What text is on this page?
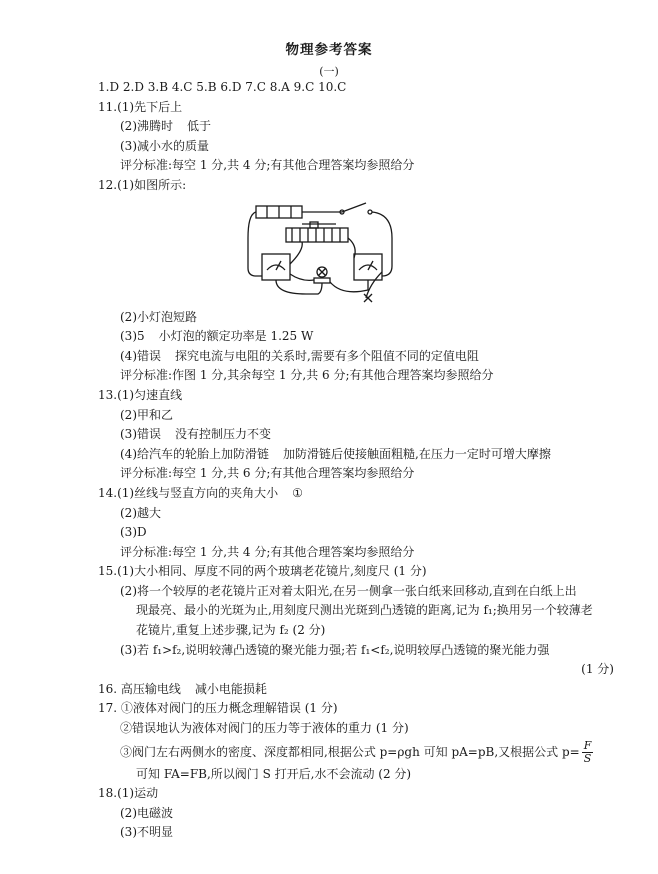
物理参考答案
(一)
1.D 2.D 3.B 4.C 5.B 6.D 7.C 8.A 9.C 10.C
11.(1)先下后上
(2)沸腾时 低于
(3)减小水的质量
评分标准:每空 1 分,共 4 分;有其他合理答案均参照给分
12.(1)如图所示:
(2)小灯泡短路
(3)5 小灯泡的额定功率是 1.25 W
(4)错误 探究电流与电阻的关系时,需要有多个阻值不同的定值电阻
评分标准:作图 1 分,其余每空 1 分,共 6 分;有其他合理答案均参照给分
13.(1)匀速直线
(2)甲和乙
(3)错误 没有控制压力不变
(4)给汽车的轮胎上加防滑链 加防滑链后使接触面粗糙,在压力一定时可增大摩擦
评分标准:每空 1 分,共 6 分;有其他合理答案均参照给分
14.(1)丝线与竖直方向的夹角大小 ①
(2)越大
(3)D
评分标准:每空 1 分,共 4 分;有其他合理答案均参照给分
15.(1)大小相同、厚度不同的两个玻璃老花镜片,刻度尺 (1 分)
(2)将一个较厚的老花镜片正对着太阳光,在另一侧拿一张白纸来回移动,直到在白纸上出
现最亮、最小的光斑为止,用刻度尺测出光斑到凸透镜的距离,记为 f₁;换用另一个较薄老
花镜片,重复上述步骤,记为 f₂ (2 分)
(3)若 f₁>f₂,说明较薄凸透镜的聚光能力强;若 f₁<f₂,说明较厚凸透镜的聚光能力强
(1 分)
16. 高压输电线 减小电能损耗
17. ①液体对阀门的压力概念理解错误 (1 分)
②错误地认为液体对阀门的压力等于液体的重力 (1 分)
③阀门左右两侧水的密度、深度都相同,根据公式 p=ρgh 可知 pA=pB,又根据公式 $p= \frac{F}{S}$
可知 FA=FB,所以阀门 S 打开后,水不会流动 (2 分)
18.(1)运动
(2)电磁波
(3)不明显
